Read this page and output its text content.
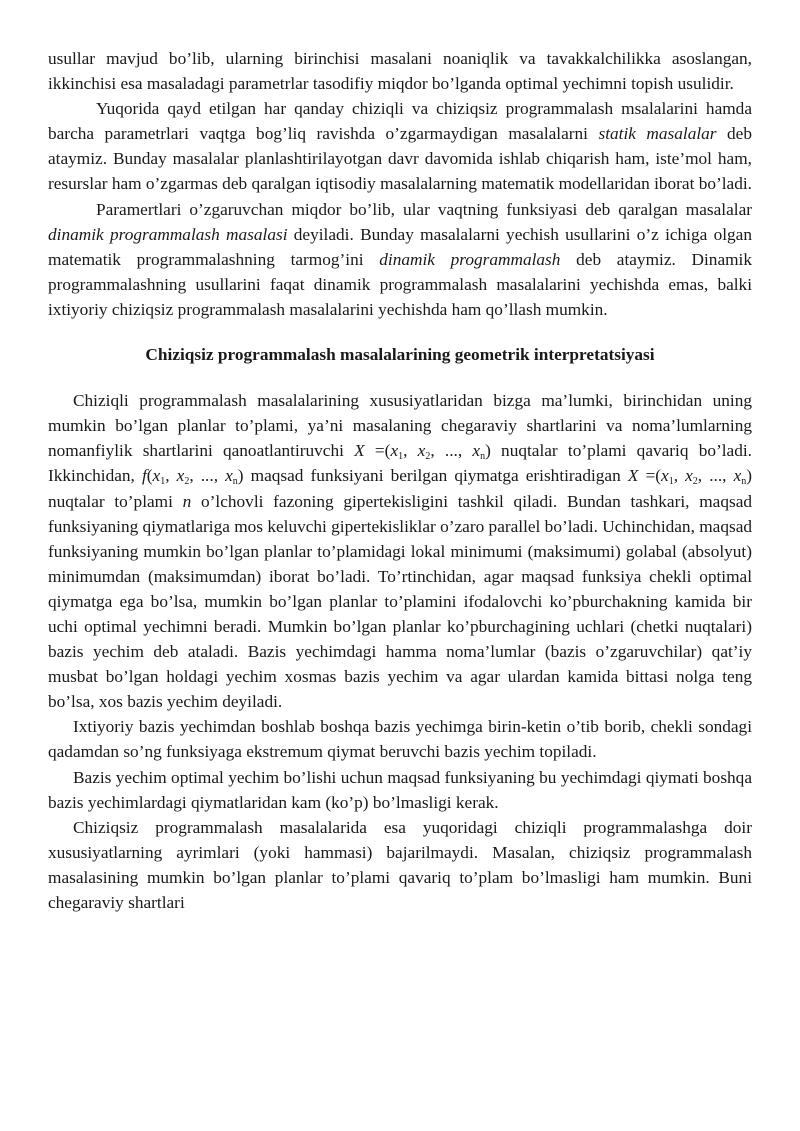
usullar mavjud bo’lib, ularning birinchisi masalani noaniqlik va tavakkalchilikka asoslangan, ikkinchisi esa masaladagi parametrlar tasodifiy miqdor bo’lganda optimal yechimni topish usulidir.

Yuqorida qayd etilgan har qanday chiziqli va chiziqsiz programmalash msalalarini hamda barcha parametrlari vaqtga bog’liq ravishda o’zgarmaydigan masalalarni statik masalalar deb ataymiz. Bunday masalalar planlashtirilayotgan davr davomida ishlab chiqarish ham, iste’mol ham, resurslar ham o’zgarmas deb qaralgan iqtisodiy masalalarning matematik modellaridan iborat bo’ladi.

Paramertlari o’zgaruvchan miqdor bo’lib, ular vaqtning funksiyasi deb qaralgan masalalar dinamik programmalash masalasi deyiladi. Bunday masalalarni yechish usullarini o’z ichiga olgan matematik programmalashning tarmog’ini dinamik programmalash deb ataymiz. Dinamik programmalashning usullarini faqat dinamik programmalash masalalarini yechishda emas, balki ixtiyoriy chiziqsiz programmalash masalalarini yechishda ham qo’llash mumkin.

Chiziqsiz programmalash masalalarining geometrik interpretatsiyasi

Chiziqli programmalash masalalarining xususiyatlaridan bizga ma’lumki, birinchidan uning mumkin bo’lgan planlar to’plami, ya’ni masalaning chegaraviy shartlarini va noma’lumlarning nomanfiylik shartlarini qanoatlantiruvchi $X =(x_1$, $x_2$, ..., $x_n$) nuqtalar to’plami qavariq bo’ladi. Ikkinchidan, $f(x_1$, $x_2$, ..., $x_n$) maqsad funksiyani berilgan qiymatga erishtiradigan $X =(x_1$, $x_2$, ..., $x_n$) nuqtalar to’plami n o’lchovli fazoning gipertekisligini tashkil qiladi. Bundan tashkari, maqsad funksiyaning qiymatlariga mos keluvchi gipertekisliklar o’zaro parallel bo’ladi. Uchinchidan, maqsad funksiyaning mumkin bo’lgan planlar to’plamidagi lokal minimumi (maksimumi) golabal (absolyut) minimumdan (maksimumdan) iborat bo’ladi. To’rtinchidan, agar maqsad funksiya chekli optimal qiymatga ega bo’lsa, mumkin bo’lgan planlar to’plamini ifodalovchi ko’pburchakning kamida bir uchi optimal yechimni beradi. Mumkin bo’lgan planlar ko’pburchagining uchlari (chetki nuqtalari) bazis yechim deb ataladi. Bazis yechimdagi hamma noma’lumlar (bazis o’zgaruvchilar) qat’iy musbat bo’lgan holdagi yechim xosmas bazis yechim va agar ulardan kamida bittasi nolga teng bo’lsa, xos bazis yechim deyiladi.

Ixtiyoriy bazis yechimdan boshlab boshqa bazis yechimga birin-ketin o’tib borib, chekli sondagi qadamdan so’ng funksiyaga ekstremum qiymat beruvchi bazis yechim topiladi.

Bazis yechim optimal yechim bo’lishi uchun maqsad funksiyaning bu yechimdagi qiymati boshqa bazis yechimlardagi qiymatlaridan kam (ko’p) bo’lmasligi kerak.

Chiziqsiz programmalash masalalarida esa yuqoridagi chiziqli programmalashga doir xususiyatlarning ayrimlari (yoki hammasi) bajarilmaydi. Masalan, chiziqsiz programmalash masalasining mumkin bo’lgan planlar to’plami qavariq to’plam bo’lmasligi ham mumkin. Buni chegaraviy shartlari
